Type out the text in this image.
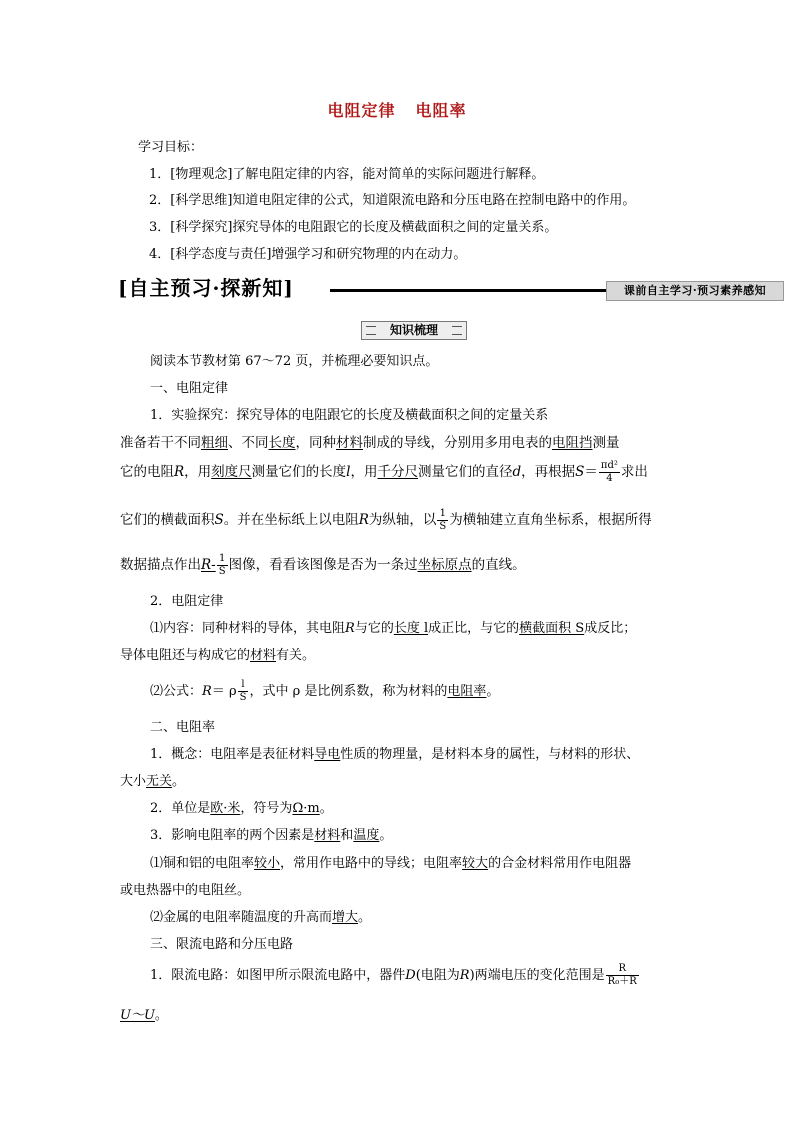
电阻定律 电阻率
学习目标：
1．[物理观念]了解电阻定律的内容，能对简单的实际问题进行解释。
2．[科学思维]知道电阻定律的公式，知道限流电路和分压电路在控制电路中的作用。
3．[科学探究]探究导体的电阻跟它的长度及横截面积之间的定量关系。
4．[科学态度与责任]增强学习和研究物理的内在动力。
[自主预习·探新知]	课前自主学习·预习素养感知
知识梳理
阅读本节教材第 67～72 页，并梳理必要知识点。
一、电阻定律
1．实验探究：探究导体的电阻跟它的长度及横截面积之间的定量关系
准备若干不同粗细、不同长度，同种材料制成的导线，分别用多用电表的电阻挡测量
它的电阻R，用刻度尺测量它们的长度l，用千分尺测量它们的直径d，再根据$S= \frac{\text{πd²}}{4}$ 求出
它们的横截面积S。并在坐标纸上以电阻R为纵轴，以 $\frac{1}{S}$ 为横轴建立直角坐标系，根据所得
数据描点作出$R- \frac{1}{S}$ 图像，看看该图像是否为一条过坐标原点的直线。
2．电阻定律
⑴内容：同种材料的导体，其电阻R与它的长度 l成正比，与它的横截面积 S成反比；
导体电阻还与构成它的材料有关。
⑵公式：R＝ ρ $\frac{l}{S}$ ，式中 ρ 是比例系数，称为材料的电阻率。
二、电阻率
1．概念：电阻率是表征材料导电性质的物理量，是材料本身的属性，与材料的形状、
大小无关。
2．单位是欧·米，符号为Ω·m。
3．影响电阻率的两个因素是材料和温度。
⑴铜和铝的电阻率较小，常用作电路中的导线；电阻率较大的合金材料常用作电阻器
或电热器中的电阻丝。
⑵金属的电阻率随温度的升高而增大。
三、限流电路和分压电路
1．限流电路：如图甲所示限流电路中，器件D(电阻为R)两端电压的变化范围是 $\frac{R}{\text{R₀＋R}}$
U～U。
